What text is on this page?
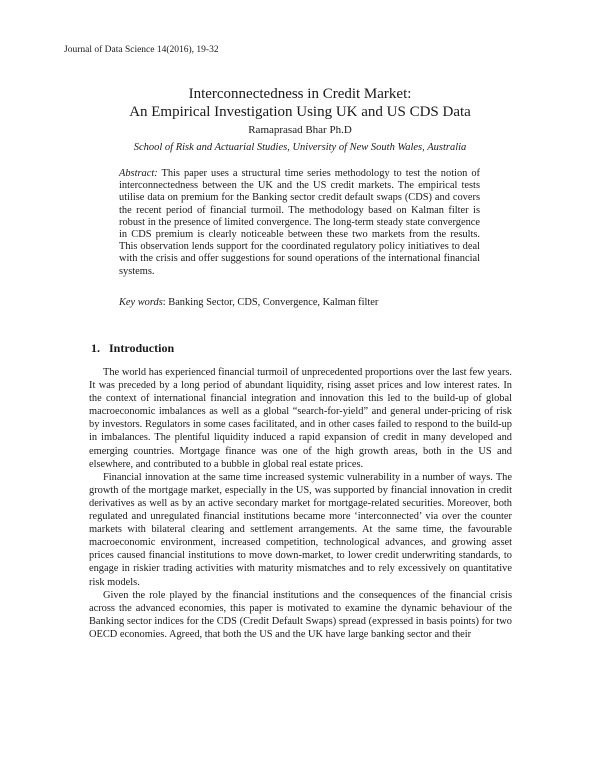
Journal of Data Science 14(2016), 19-32
Interconnectedness in Credit Market:
An Empirical Investigation Using UK and US CDS Data
Ramaprasad Bhar Ph.D
School of Risk and Actuarial Studies, University of New South Wales, Australia

Abstract: This paper uses a structural time series methodology to test the notion of interconnectedness between the UK and the US credit markets. The empirical tests utilise data on premium for the Banking sector credit default swaps (CDS) and covers the recent period of financial turmoil. The methodology based on Kalman filter is robust in the presence of limited convergence. The long-term steady state convergence in CDS premium is clearly noticeable between these two markets from the results. This observation lends support for the coordinated regulatory policy initiatives to deal with the crisis and offer suggestions for sound operations of the international financial systems.

Key words: Banking Sector, CDS, Convergence, Kalman filter

1. Introduction

The world has experienced financial turmoil of unprecedented proportions over the last few years. It was preceded by a long period of abundant liquidity, rising asset prices and low interest rates. In the context of international financial integration and innovation this led to the build-up of global macroeconomic imbalances as well as a global “search-for-yield” and general under-pricing of risk by investors. Regulators in some cases facilitated, and in other cases failed to respond to the build-up in imbalances. The plentiful liquidity induced a rapid expansion of credit in many developed and emerging countries. Mortgage finance was one of the high growth areas, both in the US and elsewhere, and contributed to a bubble in global real estate prices.

Financial innovation at the same time increased systemic vulnerability in a number of ways. The growth of the mortgage market, especially in the US, was supported by financial innovation in credit derivatives as well as by an active secondary market for mortgage-related securities. Moreover, both regulated and unregulated financial institutions became more ‘interconnected’ via over the counter markets with bilateral clearing and settlement arrangements. At the same time, the favourable macroeconomic environment, increased competition, technological advances, and growing asset prices caused financial institutions to move down-market, to lower credit underwriting standards, to engage in riskier trading activities with maturity mismatches and to rely excessively on quantitative risk models.

Given the role played by the financial institutions and the consequences of the financial crisis across the advanced economies, this paper is motivated to examine the dynamic behaviour of the Banking sector indices for the CDS (Credit Default Swaps) spread (expressed in basis points) for two OECD economies. Agreed, that both the US and the UK have large banking sector and their
